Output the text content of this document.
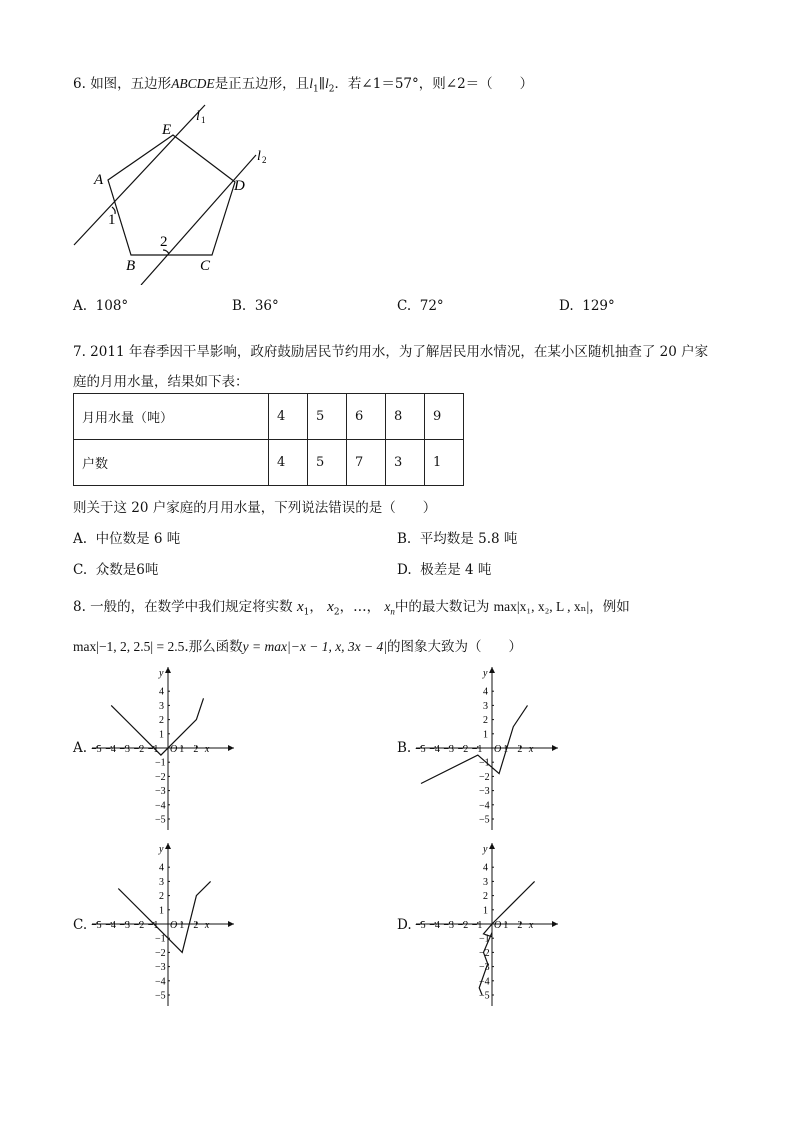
6. 如图，五边形ABCDE是正五边形，且$l_1\parallel l_2$．若∠1＝57°，则∠2＝（　　）
l 1
l 2
E
A	D
B	C
1
2
A. 108°	B. 36°	C. 72°	D. 129°
7. 2011 年春季因干旱影响，政府鼓励居民节约用水，为了解居民用水情况，在某小区随机抽查了 20 户家
庭的月用水量，结果如下表：
月用水量（吨）	4	5	6	8	9
户数	4	5	7	3	1
则关于这 20 户家庭的月用水量，下列说法错误的是（　　）
A. 中位数是 6 吨	B. 平均数是 5.8 吨
C. 众数是6吨	D. 极差是 4 吨
8. 一般的，在数学中我们规定将实数 $x_1$， $x_2$，…， $x_n$中的最大数记为 max|x₁, x₂, L , xₙ|，例如
max|−1, 2, 2.5| = 2.5.那么函数y = max|−x − 1, x, 3x − 4|的图象大致为（　　）
A.	B.
C.	D.
−5 −4 −3 −2 −1 1 2
O	x
4
3
2
1
−1
−2
−3
−4
−5
y
−5 −4 −3 −2 −1 1 2
O	x
4
3
2
1
−1
−2
−3
−4
−5
y
−5 −4 −3 −2 −1 1 2
O	x
4
3
2
1
−1
−2
−3
−4
−5
y
−5 −4 −3 −2 −1 1 2
O	x
4
3
2
1
−1
−2
−3
−4
−5
y
